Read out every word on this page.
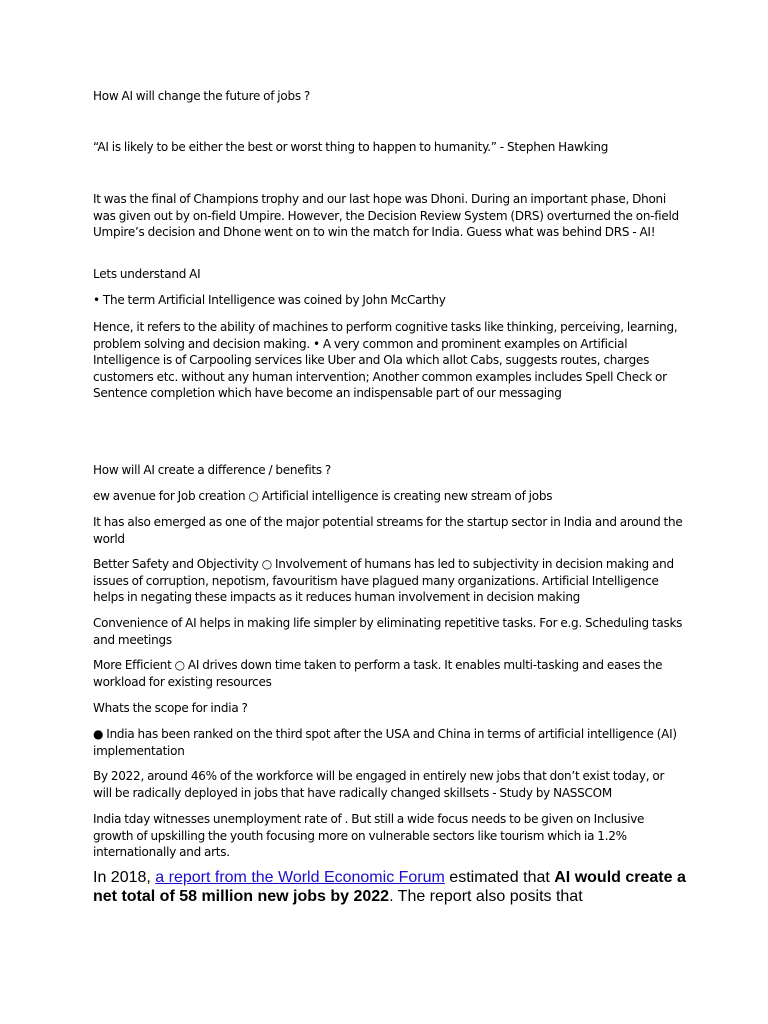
How AI will change the future of jobs ?

“AI is likely to be either the best or worst thing to happen to humanity.” - Stephen Hawking

It was the final of Champions trophy and our last hope was Dhoni. During an important phase, Dhoni was given out by on-field Umpire. However, the Decision Review System (DRS) overturned the on-field Umpire’s decision and Dhone went on to win the match for India. Guess what was behind DRS - AI!

Lets understand AI

• The term Artificial Intelligence was coined by John McCarthy

Hence, it refers to the ability of machines to perform cognitive tasks like thinking, perceiving, learning, problem solving and decision making. • A very common and prominent examples on Artificial Intelligence is of Carpooling services like Uber and Ola which allot Cabs, suggests routes, charges customers etc. without any human intervention; Another common examples includes Spell Check or Sentence completion which have become an indispensable part of our messaging

How will AI create a difference / benefits ?

ew avenue for Job creation ○ Artificial intelligence is creating new stream of jobs

It has also emerged as one of the major potential streams for the startup sector in India and around the world

Better Safety and Objectivity ○ Involvement of humans has led to subjectivity in decision making and issues of corruption, nepotism, favouritism have plagued many organizations. Artificial Intelligence helps in negating these impacts as it reduces human involvement in decision making

Convenience of AI helps in making life simpler by eliminating repetitive tasks. For e.g. Scheduling tasks and meetings

More Efficient ○ AI drives down time taken to perform a task. It enables multi-tasking and eases the workload for existing resources

Whats the scope for india ?

● India has been ranked on the third spot after the USA and China in terms of artificial intelligence (AI) implementation

By 2022, around 46% of the workforce will be engaged in entirely new jobs that don’t exist today, or will be radically deployed in jobs that have radically changed skillsets - Study by NASSCOM

India tday witnesses unemployment rate of . But still a wide focus needs to be given on Inclusive growth of upskilling the youth focusing more on vulnerable sectors like tourism which ia 1.2% internationally and arts.

In 2018, a report from the World Economic Forum estimated that AI would create a net total of 58 million new jobs by 2022. The report also posits that
